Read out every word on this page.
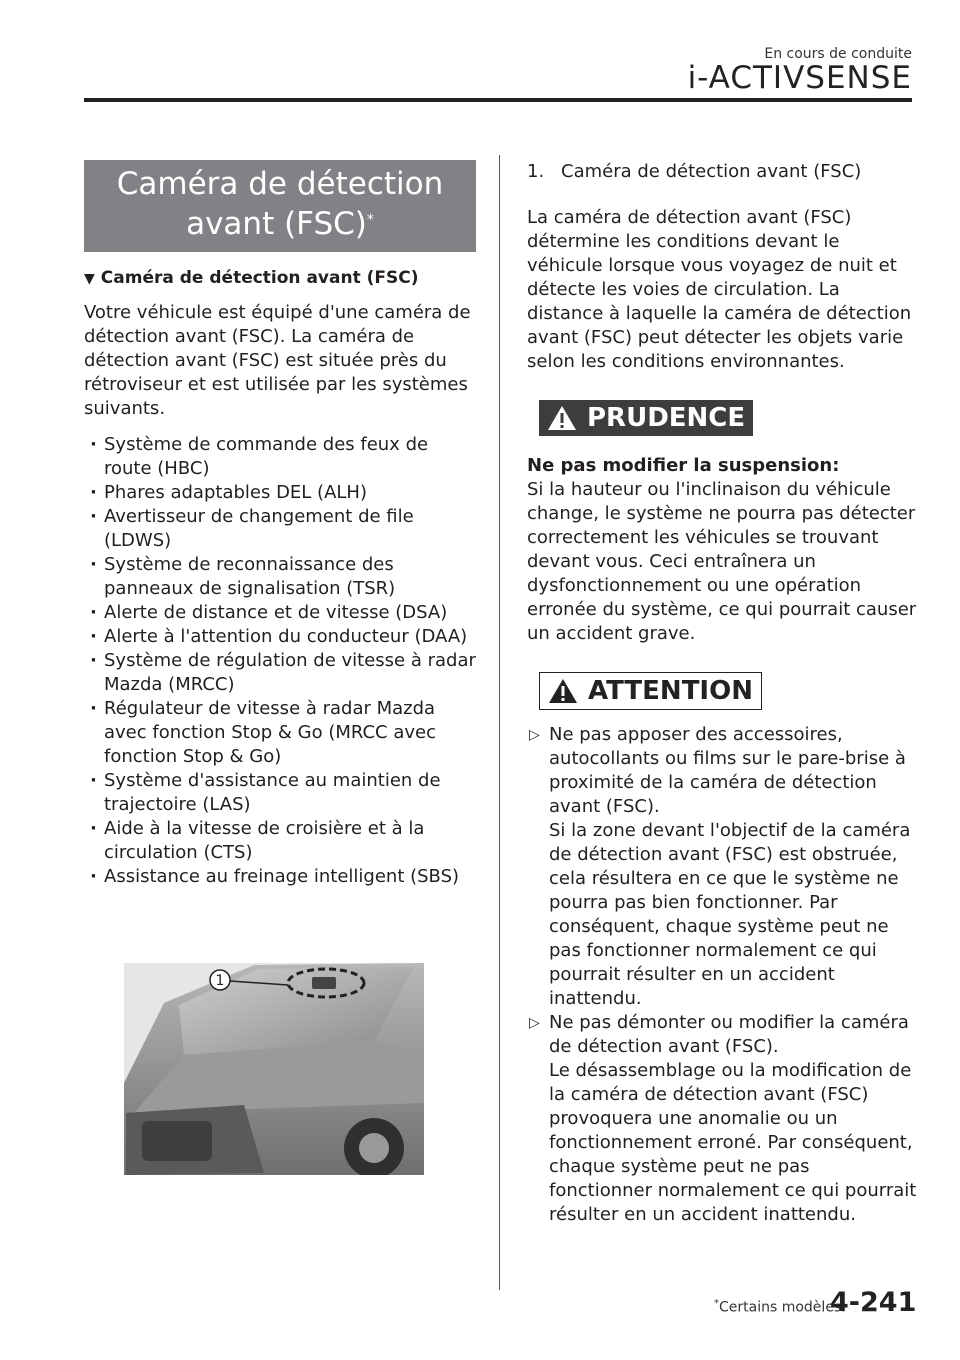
En cours de conduite
i-ACTIVSENSE
Caméra de détection
avant (FSC)*
▼ Caméra de détection avant (FSC)
Votre véhicule est équipé d'une caméra de détection avant (FSC). La caméra de détection avant (FSC) est située près du rétroviseur et est utilisée par les systèmes suivants.
· Système de commande des feux de route (HBC)
· Phares adaptables DEL (ALH)
· Avertisseur de changement de file (LDWS)
· Système de reconnaissance des panneaux de signalisation (TSR)
· Alerte de distance et de vitesse (DSA)
· Alerte à l'attention du conducteur (DAA)
· Système de régulation de vitesse à radar Mazda (MRCC)
· Régulateur de vitesse à radar Mazda avec fonction Stop & Go (MRCC avec fonction Stop & Go)
· Système d'assistance au maintien de trajectoire (LAS)
· Aide à la vitesse de croisière et à la circulation (CTS)
· Assistance au freinage intelligent (SBS)
1
1. Caméra de détection avant (FSC)
La caméra de détection avant (FSC) détermine les conditions devant le véhicule lorsque vous voyagez de nuit et détecte les voies de circulation. La distance à laquelle la caméra de détection avant (FSC) peut détecter les objets varie selon les conditions environnantes.
PRUDENCE
Ne pas modifier la suspension:
Si la hauteur ou l'inclinaison du véhicule change, le système ne pourra pas détecter correctement les véhicules se trouvant devant vous. Ceci entraînera un dysfonctionnement ou une opération erronée du système, ce qui pourrait causer un accident grave.
ATTENTION
▷ Ne pas apposer des accessoires, autocollants ou films sur le pare-brise à proximité de la caméra de détection avant (FSC).
Si la zone devant l'objectif de la caméra de détection avant (FSC) est obstruée, cela résultera en ce que le système ne pourra pas bien fonctionner. Par conséquent, chaque système peut ne pas fonctionner normalement ce qui pourrait résulter en un accident inattendu.
▷ Ne pas démonter ou modifier la caméra de détection avant (FSC).
Le désassemblage ou la modification de la caméra de détection avant (FSC) provoquera une anomalie ou un fonctionnement erroné. Par conséquent, chaque système peut ne pas fonctionner normalement ce qui pourrait résulter en un accident inattendu.
*Certains modèles.
4-241
